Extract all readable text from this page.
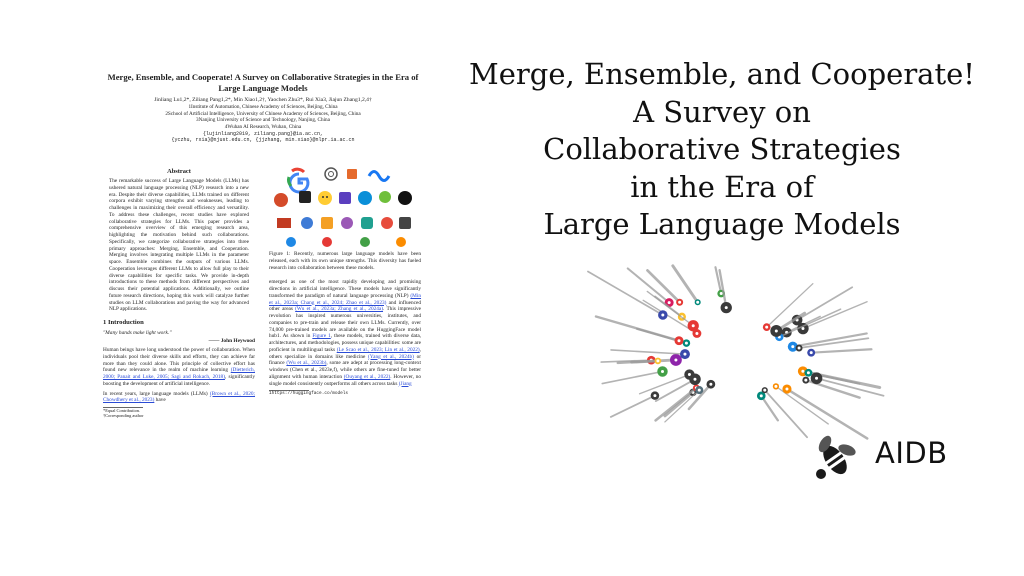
Merge, Ensemble, and Cooperate! A Survey on Collaborative Strategies in the Era of Large Language Models
Jinliang Lu1,2*, Ziliang Pang1,2*, Min Xiao1,2†, Yaochen Zhu3*, Rui Xia3, Jiajun Zhang1,2,4†
1Institute of Automation, Chinese Academy of Sciences, Beijing, China
2School of Artificial Intelligence, University of Chinese Academy of Sciences, Beijing, China
3Nanjing University of Science and Technology, Nanjing, China
4Wuhan AI Research, Wuhan, China
{lujinliang2019, ziliang.pang}@ia.ac.cn,
{yczhu, rxia}@njust.edu.cn, {jjzhang, min.xiao}@nlpr.ia.ac.cn
Abstract
The remarkable success of Large Language Models (LLMs) has ushered natural language processing (NLP) research into a new era. Despite their diverse capabilities, LLMs trained on different corpora exhibit varying strengths and weaknesses, leading to challenges in maximizing their overall efficiency and versatility. To address these challenges, recent studies have explored collaborative strategies for LLMs. This paper provides a comprehensive overview of this emerging research area, highlighting the motivation behind such collaborations. Specifically, we categorize collaborative strategies into three primary approaches: Merging, Ensemble, and Cooperation. Merging involves integrating multiple LLMs in the parameter space. Ensemble combines the outputs of various LLMs. Cooperation leverages different LLMs to allow full play to their diverse capabilities for specific tasks. We provide in-depth introductions to these methods from different perspectives and discuss their potential applications. Additionally, we outline future research directions, hoping this work will catalyze further studies on LLM collaborations and paving the way for advanced NLP applications.
1 Introduction
"Many hands make light work."
—— John Heywood
Human beings have long understood the power of collaboration. When individuals pool their diverse skills and efforts, they can achieve far more than they could alone. This principle of collective effort has found new relevance in the realm of machine learning (Dietterich, 2000; Panait and Luke, 2005; Sagi and Rokach, 2018), significantly boosting the development of artificial intelligence.
In recent years, large language models (LLMs) (Brown et al., 2020; Chowdhery et al., 2023) have
*Equal Contribution.
†Corresponding author
Figure 1: Recently, numerous large language models have been released, each with its own unique strengths. This diversity has fueled research into collaboration between these models.
emerged as one of the most rapidly developing and promising directions in artificial intelligence. These models have significantly transformed the paradigm of natural language processing (NLP) (Min et al., 2023a; Chang et al., 2024; Zhao et al., 2023) and influenced other areas (Wu et al., 2023a; Zhang et al., 2024a). This impressive revolution has inspired numerous universities, institutes, and companies to pre-train and release their own LLMs. Currently, over 74,000 pre-trained models are available on the HuggingFace model hub1. As shown in Figure 1, these models, trained with diverse data, architectures, and methodologies, possess unique capabilities: some are proficient in multilingual tasks (Le Scao et al., 2023; Lin et al., 2022), others specialize in domains like medicine (Yang et al., 2024b) or finance (Wu et al., 2023b), some are adept at processing long-context windows (Chen et al., 2023e,f), while others are fine-tuned for better alignment with human interaction (Ouyang et al., 2022). However, no single model consistently outperforms all others across tasks (Jiang
1https://huggingface.co/models
Merge, Ensemble, and Cooperate!
A Survey on
Collaborative Strategies
in the Era of
Large Language Models
AIDB
